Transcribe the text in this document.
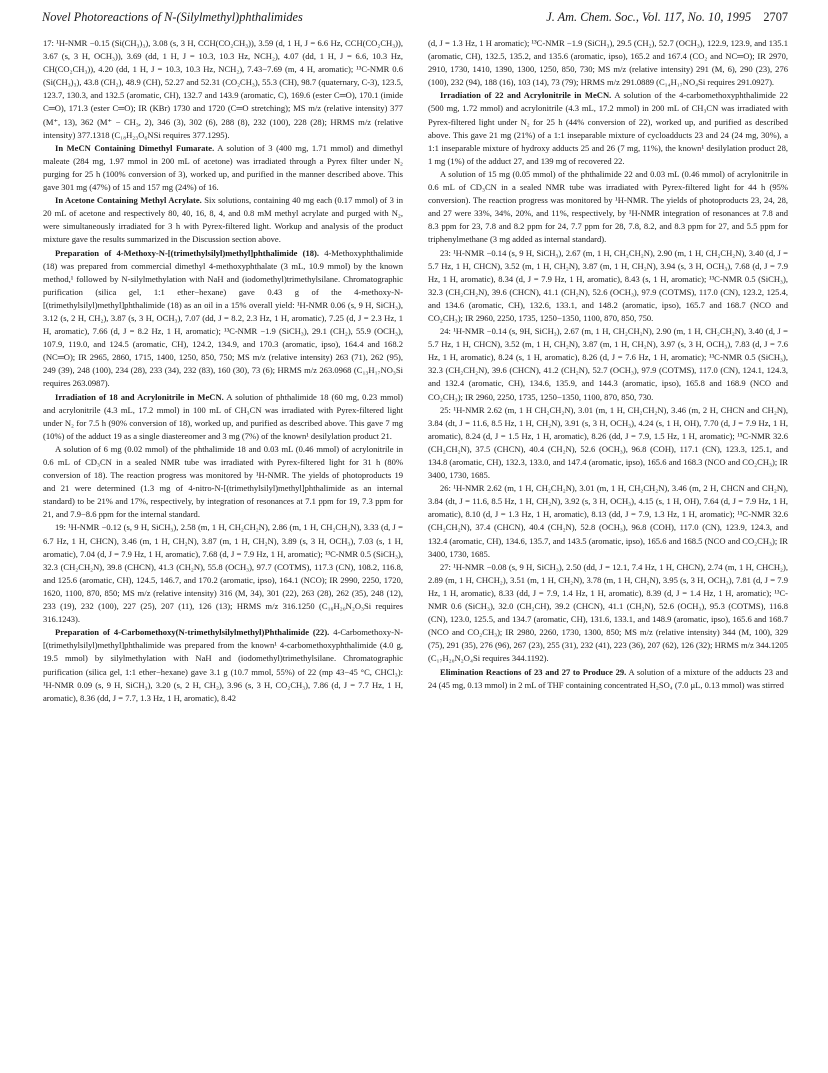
Novel Photoreactions of N-(Silylmethyl)phthalimides	J. Am. Chem. Soc., Vol. 117, No. 10, 1995 2707

17: ¹H-NMR −0.15 (Si(CH₃)₃), 3.08 (s, 3 H, CCH(CO₂CH₃)), 3.59 (d, 1 H, J = 6.6 Hz, CCH(CO₂CH₃)), 3.67 (s, 3 H, OCH₃)), 3.69 (dd, 1 H, J = 10.3, 10.3 Hz, NCH₂), 4.07 (dd, 1 H, J = 6.6, 10.3 Hz, CH(CO₂CH₃)), 4.20 (dd, 1 H, J = 10.3, 10.3 Hz, NCH₂), 7.43−7.69 (m, 4 H, aromatic); ¹³C-NMR 0.6 (Si(CH₃)₃), 43.8 (CH₂), 48.9 (CH), 52.27 and 52.31 (CO₂CH₃), 55.3 (CH), 98.7 (quaternary, C-3), 123.5, 123.7, 130.3, and 132.5 (aromatic, CH), 132.7 and 143.9 (aromatic, C), 169.6 (ester C═O), 170.1 (imide C═O), 171.3 (ester C═O); IR (KBr) 1730 and 1720 (C═O stretching); MS m/z (relative intensity) 377 (M⁺, 13), 362 (M⁺ − CH₃, 2), 346 (3), 302 (6), 288 (8), 232 (100), 228 (28); HRMS m/z (relative intensity) 377.1318 (C₁₈H₂₃O₆NSi requires 377.1295).

In MeCN Containing Dimethyl Fumarate. A solution of 3 (400 mg, 1.71 mmol) and dimethyl maleate (284 mg, 1.97 mmol in 200 mL of acetone) was irradiated through a Pyrex filter under N₂ purging for 25 h (100% conversion of 3), worked up, and purified in the manner described above. This gave 301 mg (47%) of 15 and 157 mg (24%) of 16.

In Acetone Containing Methyl Acrylate. Six solutions, containing 40 mg each (0.17 mmol) of 3 in 20 mL of acetone and respectively 80, 40, 16, 8, 4, and 0.8 mM methyl acrylate and purged with N₂, were simultaneously irradiated for 3 h with Pyrex-filtered light. Workup and analysis of the product mixture gave the results summarized in the Discussion section above.

Preparation of 4-Methoxy-N-[(trimethylsilyl)methyl]phthalimide (18). 4-Methoxyphthalimide (18) was prepared from commercial dimethyl 4-methoxyphthalate (3 mL, 10.9 mmol) by the known method,¹ followed by N-silylmethylation with NaH and (iodomethyl)trimethylsilane. Chromatographic purification (silica gel, 1:1 ether−hexane) gave 0.43 g of the 4-methoxy-N-[(trimethylsilyl)methyl]phthalimide (18) as an oil in a 15% overall yield: ¹H-NMR 0.06 (s, 9 H, SiCH₃), 3.12 (s, 2 H, CH₂), 3.87 (s, 3 H, OCH₃), 7.07 (dd, J = 8.2, 2.3 Hz, 1 H, aromatic), 7.25 (d, J = 2.3 Hz, 1 H, aromatic), 7.66 (d, J = 8.2 Hz, 1 H, aromatic); ¹³C-NMR −1.9 (SiCH₃), 29.1 (CH₂), 55.9 (OCH₃), 107.9, 119.0, and 124.5 (aromatic, CH), 124.2, 134.9, and 170.3 (aromatic, ipso), 164.4 and 168.2 (NC═O); IR 2965, 2860, 1715, 1400, 1250, 850, 750; MS m/z (relative intensity) 263 (71), 262 (95), 249 (39), 248 (100), 234 (28), 233 (34), 232 (83), 160 (30), 73 (6); HRMS m/z 263.0968 (C₁₃H₁₇NO₃Si requires 263.0987).

Irradiation of 18 and Acrylonitrile in MeCN. A solution of phthalimide 18 (60 mg, 0.23 mmol) and acrylonitrile (4.3 mL, 17.2 mmol) in 100 mL of CH₃CN was irradiated with Pyrex-filtered light under N₂ for 7.5 h (90% conversion of 18), worked up, and purified as described above. This gave 7 mg (10%) of the adduct 19 as a single diastereomer and 3 mg (7%) of the known¹ desilylation product 21.

A solution of 6 mg (0.02 mmol) of the phthalimide 18 and 0.03 mL (0.46 mmol) of acrylonitrile in 0.6 mL of CD₃CN in a sealed NMR tube was irradiated with Pyrex-filtered light for 31 h (80% conversion of 18). The reaction progress was monitored by ¹H-NMR. The yields of photoproducts 19 and 21 were determined (1.3 mg of 4-nitro-N-[(trimethylsilyl)methyl]phthalimide as an internal standard) to be 21% and 17%, respectively, by integration of resonances at 7.1 ppm for 19, 7.3 ppm for 21, and 7.9−8.6 ppm for the internal standard.

19: ¹H-NMR −0.12 (s, 9 H, SiCH₃), 2.58 (m, 1 H, CH₂CH₂N), 2.86 (m, 1 H, CH₂CH₂N), 3.33 (d, J = 6.7 Hz, 1 H, CHCN), 3.46 (m, 1 H, CH₂N), 3.87 (m, 1 H, CH₂N), 3.89 (s, 3 H, OCH₃), 7.03 (s, 1 H, aromatic), 7.04 (d, J = 7.9 Hz, 1 H, aromatic), 7.68 (d, J = 7.9 Hz, 1 H, aromatic); ¹³C-NMR 0.5 (SiCH₃), 32.3 (CH₂CH₂N), 39.8 (CHCN), 41.3 (CH₂N), 55.8 (OCH₃), 97.7 (COTMS), 117.3 (CN), 108.2, 116.8, and 125.6 (aromatic, CH), 124.5, 146.7, and 170.2 (aromatic, ipso), 164.1 (NCO); IR 2990, 2250, 1720, 1620, 1100, 870, 850; MS m/z (relative intensity) 316 (M, 34), 301 (22), 263 (28), 262 (35), 248 (12), 233 (19), 232 (100), 227 (25), 207 (11), 126 (13); HRMS m/z 316.1250 (C₁₆H₂₀N₂O₃Si requires 316.1243).

Preparation of 4-Carbomethoxy(N-trimethylsilylmethyl)Phthalimide (22). 4-Carbomethoxy-N-[(trimethylsilyl)methyl]phthalimide was prepared from the known¹ 4-carbomethoxyphthalimide (4.0 g, 19.5 mmol) by silylmethylation with NaH and (iodomethyl)trimethylsilane. Chromatographic purification (silica gel, 1:1 ether−hexane) gave 3.1 g (10.7 mmol, 55%) of 22 (mp 43−45 °C, CHCl₃): ¹H-NMR 0.09 (s, 9 H, SiCH₃), 3.20 (s, 2 H, CH₂), 3.96 (s, 3 H, CO₂CH₃), 7.86 (d, J = 7.7 Hz, 1 H, aromatic), 8.36 (dd, J = 7.7, 1.3 Hz, 1 H, aromatic), 8.42

(d, J = 1.3 Hz, 1 H aromatic); ¹³C-NMR −1.9 (SiCH₃), 29.5 (CH₂), 52.7 (OCH₃), 122.9, 123.9, and 135.1 (aromatic, CH), 132.5, 135.2, and 135.6 (aromatic, ipso), 165.2 and 167.4 (CO₂ and NC═O); IR 2970, 2910, 1730, 1410, 1390, 1300, 1250, 850, 730; MS m/z (relative intensity) 291 (M, 6), 290 (23), 276 (100), 232 (94), 188 (16), 103 (14), 73 (79); HRMS m/z 291.0889 (C₁₄H₁₇NO₄Si requires 291.0927).

Irradiation of 22 and Acrylonitrile in MeCN. A solution of the 4-carbomethoxyphthalimide 22 (500 mg, 1.72 mmol) and acrylonitrile (4.3 mL, 17.2 mmol) in 200 mL of CH₃CN was irradiated with Pyrex-filtered light under N₂ for 25 h (44% conversion of 22), worked up, and purified as described above. This gave 21 mg (21%) of a 1:1 inseparable mixture of cycloadducts 23 and 24 (24 mg, 30%), a 1:1 inseparable mixture of hydroxy adducts 25 and 26 (7 mg, 11%), the known¹ desilylation product 28, 1 mg (1%) of the adduct 27, and 139 mg of recovered 22.

A solution of 15 mg (0.05 mmol) of the phthalimide 22 and 0.03 mL (0.46 mmol) of acrylonitrile in 0.6 mL of CD₃CN in a sealed NMR tube was irradiated with Pyrex-filtered light for 44 h (95% conversion). The reaction progress was monitored by ¹H-NMR. The yields of photoproducts 23, 24, 28, and 27 were 33%, 34%, 20%, and 11%, respectively, by ¹H-NMR integration of resonances at 7.8 and 8.3 ppm for 23, 7.8 and 8.2 ppm for 24, 7.7 ppm for 28, 7.8, 8.2, and 8.3 ppm for 27, and 5.5 ppm for triphenylmethane (3 mg added as internal standard).

23: ¹H-NMR −0.14 (s, 9 H, SiCH₃), 2.67 (m, 1 H, CH₂CH₂N), 2.90 (m, 1 H, CH₂CH₂N), 3.40 (d, J = 5.7 Hz, 1 H, CHCN), 3.52 (m, 1 H, CH₂N), 3.87 (m, 1 H, CH₂N), 3.94 (s, 3 H, OCH₃), 7.68 (d, J = 7.9 Hz, 1 H, aromatic), 8.34 (d, J = 7.9 Hz, 1 H, aromatic), 8.43 (s, 1 H, aromatic); ¹³C-NMR 0.5 (SiCH₃), 32.3 (CH₂CH₂N), 39.6 (CHCN), 41.1 (CH₂N), 52.6 (OCH₃), 97.9 (COTMS), 117.0 (CN), 123.2, 125.4, and 134.6 (aromatic, CH), 132.6, 133.1, and 148.2 (aromatic, ipso), 165.7 and 168.7 (NCO and CO₂CH₃); IR 2960, 2250, 1735, 1250−1350, 1100, 870, 850, 750.

24: ¹H-NMR −0.14 (s, 9H, SiCH₃), 2.67 (m, 1 H, CH₂CH₂N), 2.90 (m, 1 H, CH₂CH₂N), 3.40 (d, J = 5.7 Hz, 1 H, CHCN), 3.52 (m, 1 H, CH₂N), 3.87 (m, 1 H, CH₂N), 3.97 (s, 3 H, OCH₃), 7.83 (d, J = 7.6 Hz, 1 H, aromatic), 8.24 (s, 1 H, aromatic), 8.26 (d, J = 7.6 Hz, 1 H, aromatic); ¹³C-NMR 0.5 (SiCH₃), 32.3 (CH₂CH₂N), 39.6 (CHCN), 41.2 (CH₂N), 52.7 (OCH₃), 97.9 (COTMS), 117.0 (CN), 124.1, 124.3, and 132.4 (aromatic, CH), 134.6, 135.9, and 144.3 (aromatic, ipso), 165.8 and 168.9 (NCO and CO₂CH₃); IR 2960, 2250, 1735, 1250−1350, 1100, 870, 850, 730.

25: ¹H-NMR 2.62 (m, 1 H CH₂CH₂N), 3.01 (m, 1 H, CH₂CH₂N), 3.46 (m, 2 H, CHCN and CH₂N), 3.84 (dt, J = 11.6, 8.5 Hz, 1 H, CH₂N), 3.91 (s, 3 H, OCH₃), 4.24 (s, 1 H, OH), 7.70 (d, J = 7.9 Hz, 1 H, aromatic), 8.24 (d, J = 1.5 Hz, 1 H, aromatic), 8.26 (dd, J = 7.9, 1.5 Hz, 1 H, aromatic); ¹³C-NMR 32.6 (CH₂CH₂N), 37.5 (CHCN), 40.4 (CH₂N), 52.6 (OCH₃), 96.8 (COH), 117.1 (CN), 123.3, 125.1, and 134.8 (aromatic, CH), 132.3, 133.0, and 147.4 (aromatic, ipso), 165.6 and 168.3 (NCO and CO₂CH₃); IR 3400, 1730, 1685.

26: ¹H-NMR 2.62 (m, 1 H, CH₂CH₂N), 3.01 (m, 1 H, CH₂CH₂N), 3.46 (m, 2 H, CHCN and CH₂N), 3.84 (dt, J = 11.6, 8.5 Hz, 1 H, CH₂N), 3.92 (s, 3 H, OCH₃), 4.15 (s, 1 H, OH), 7.64 (d, J = 7.9 Hz, 1 H, aromatic), 8.10 (d, J = 1.3 Hz, 1 H, aromatic), 8.13 (dd, J = 7.9, 1.3 Hz, 1 H, aromatic); ¹³C-NMR 32.6 (CH₂CH₂N), 37.4 (CHCN), 40.4 (CH₂N), 52.8 (OCH₃), 96.8 (COH), 117.0 (CN), 123.9, 124.3, and 132.4 (aromatic, CH), 134.6, 135.7, and 143.5 (aromatic, ipso), 165.6 and 168.5 (NCO and CO₂CH₃); IR 3400, 1730, 1685.

27: ¹H-NMR −0.08 (s, 9 H, SiCH₃), 2.50 (dd, J = 12.1, 7.4 Hz, 1 H, CHCN), 2.74 (m, 1 H, CHCH₂), 2.89 (m, 1 H, CHCH₂), 3.51 (m, 1 H, CH₂N), 3.78 (m, 1 H, CH₂N), 3.95 (s, 3 H, OCH₃), 7.81 (d, J = 7.9 Hz, 1 H, aromatic), 8.33 (dd, J = 7.9, 1.4 Hz, 1 H, aromatic), 8.39 (d, J = 1.4 Hz, 1 H, aromatic); ¹³C-NMR 0.6 (SiCH₃), 32.0 (CH₂CH), 39.2 (CHCN), 41.1 (CH₂N), 52.6 (OCH₃), 95.3 (COTMS), 116.8 (CN), 123.0, 125.5, and 134.7 (aromatic, CH), 131.6, 133.1, and 148.9 (aromatic, ipso), 165.6 and 168.7 (NCO and CO₂CH₃); IR 2980, 2260, 1730, 1300, 850; MS m/z (relative intensity) 344 (M, 100), 329 (75), 291 (35), 276 (96), 267 (23), 255 (31), 232 (41), 223 (36), 207 (62), 126 (32); HRMS m/z 344.1205 (C₁₇H₂₀N₂O₄Si requires 344.1192).

Elimination Reactions of 23 and 27 to Produce 29. A solution of a mixture of the adducts 23 and 24 (45 mg, 0.13 mmol) in 2 mL of THF containing concentrated H₂SO₄ (7.0 μL, 0.13 mmol) was stirred
